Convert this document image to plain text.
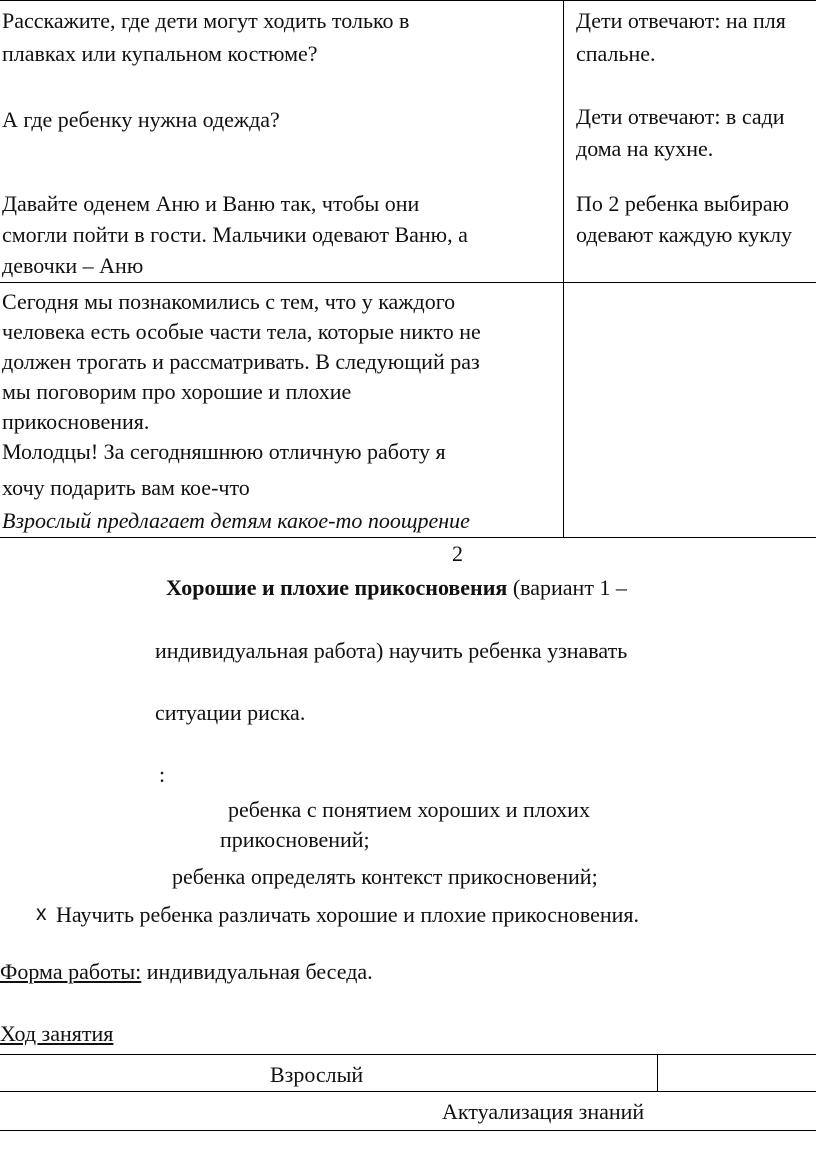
Расскажите, где дети могут ходить только в
плавках или купальном костюме?
А где ребенку нужна одежда?
Давайте оденем Аню и Ваню так, чтобы они
смогли пойти в гости. Мальчики одевают Ваню, а
девочки – Аню
Дети отвечают: на пля
спальне.
Дети отвечают: в сади
дома на кухне.
По 2 ребенка выбираю
одевают каждую куклу
Сегодня мы познакомились с тем, что у каждого
человека есть особые части тела, которые никто не
должен трогать и рассматривать. В следующий раз
мы поговорим про хорошие и плохие
прикосновения.
Молодцы! За сегодняшнюю отличную работу я
хочу подарить вам кое-что
Взрослый предлагает детям какое-то поощрение
2
Хорошие и плохие прикосновения (вариант 1 –
индивидуальная работа) научить ребенка узнавать
ситуации риска.
:
ребенка с понятием хороших и плохих
прикосновений;
ребенка определять контекст прикосновений;
x Научить ребенка различать хорошие и плохие прикосновения.
Форма работы: индивидуальная беседа.
Ход занятия
Взрослый
Актуализация знаний
